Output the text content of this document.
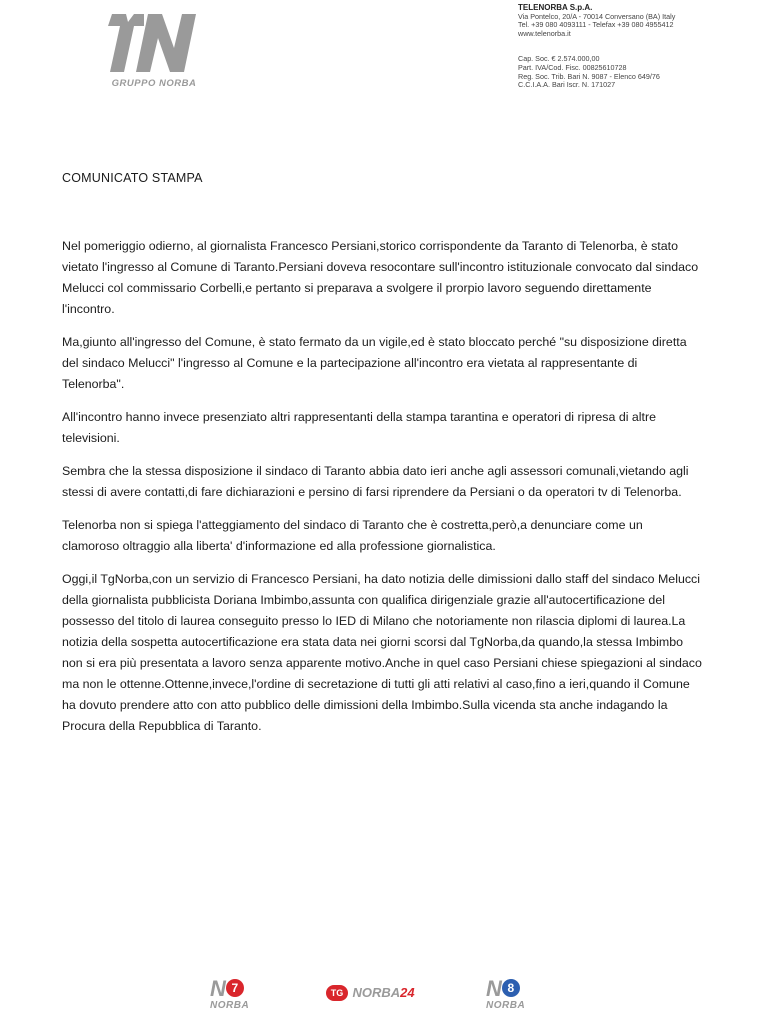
GRUPPO NORBA
TELENORBA S.p.A.
Via Pontelco, 20/A - 70014 Conversano (BA) Italy
Tel. +39 080 4093111 - Telefax +39 080 4955412
www.telenorba.it
Cap. Soc. € 2.574.000,00
Part. IVA/Cod. Fisc. 00825610728
Reg. Soc. Trib. Bari N. 9087 - Elenco 649/76
C.C.I.A.A. Bari Iscr. N. 171027
COMUNICATO STAMPA

Nel pomeriggio odierno, al giornalista Francesco Persiani,storico corrispondente da Taranto di Telenorba, è stato vietato l'ingresso al Comune di Taranto.Persiani doveva resocontare sull'incontro istituzionale convocato dal sindaco Melucci col commissario Corbelli,e pertanto si preparava a svolgere il prorpio lavoro seguendo direttamente l'incontro.

Ma,giunto all'ingresso del Comune, è stato fermato da un vigile,ed è stato bloccato perché "su disposizione diretta del sindaco Melucci" l'ingresso al Comune e la partecipazione all'incontro era vietata al rappresentante di Telenorba".

All'incontro hanno invece presenziato altri rappresentanti della stampa tarantina e operatori di ripresa di altre televisioni.

Sembra che la stessa disposizione il sindaco di Taranto abbia dato ieri anche agli assessori comunali,vietando agli stessi di avere contatti,di fare dichiarazioni e persino di farsi riprendere da Persiani o da operatori tv di Telenorba.

Telenorba non si spiega l'atteggiamento del sindaco di Taranto che è costretta,però,a denunciare come un clamoroso oltraggio alla liberta' d'informazione ed alla professione giornalistica.

Oggi,il TgNorba,con un servizio di Francesco Persiani, ha dato notizia delle dimissioni dallo staff del sindaco Melucci della giornalista pubblicista Doriana Imbimbo,assunta con qualifica dirigenziale grazie all'autocertificazione del possesso del titolo di laurea conseguito presso lo IED di Milano che notoriamente non rilascia diplomi di laurea.La notizia della sospetta autocertificazione era stata data nei giorni scorsi dal TgNorba,da quando,la stessa Imbimbo non si era più presentata a lavoro senza apparente motivo.Anche in quel caso Persiani chiese spiegazioni al sindaco ma non le ottenne.Ottenne,invece,l'ordine di secretazione di tutti gli atti relativi al caso,fino a ieri,quando il Comune ha dovuto prendere atto con atto pubblico delle dimissioni della Imbimbo.Sulla vicenda sta anche indagando la Procura della Repubblica di Taranto.

N 7
NORBA
TG NORBA24	N 8
NORBA
